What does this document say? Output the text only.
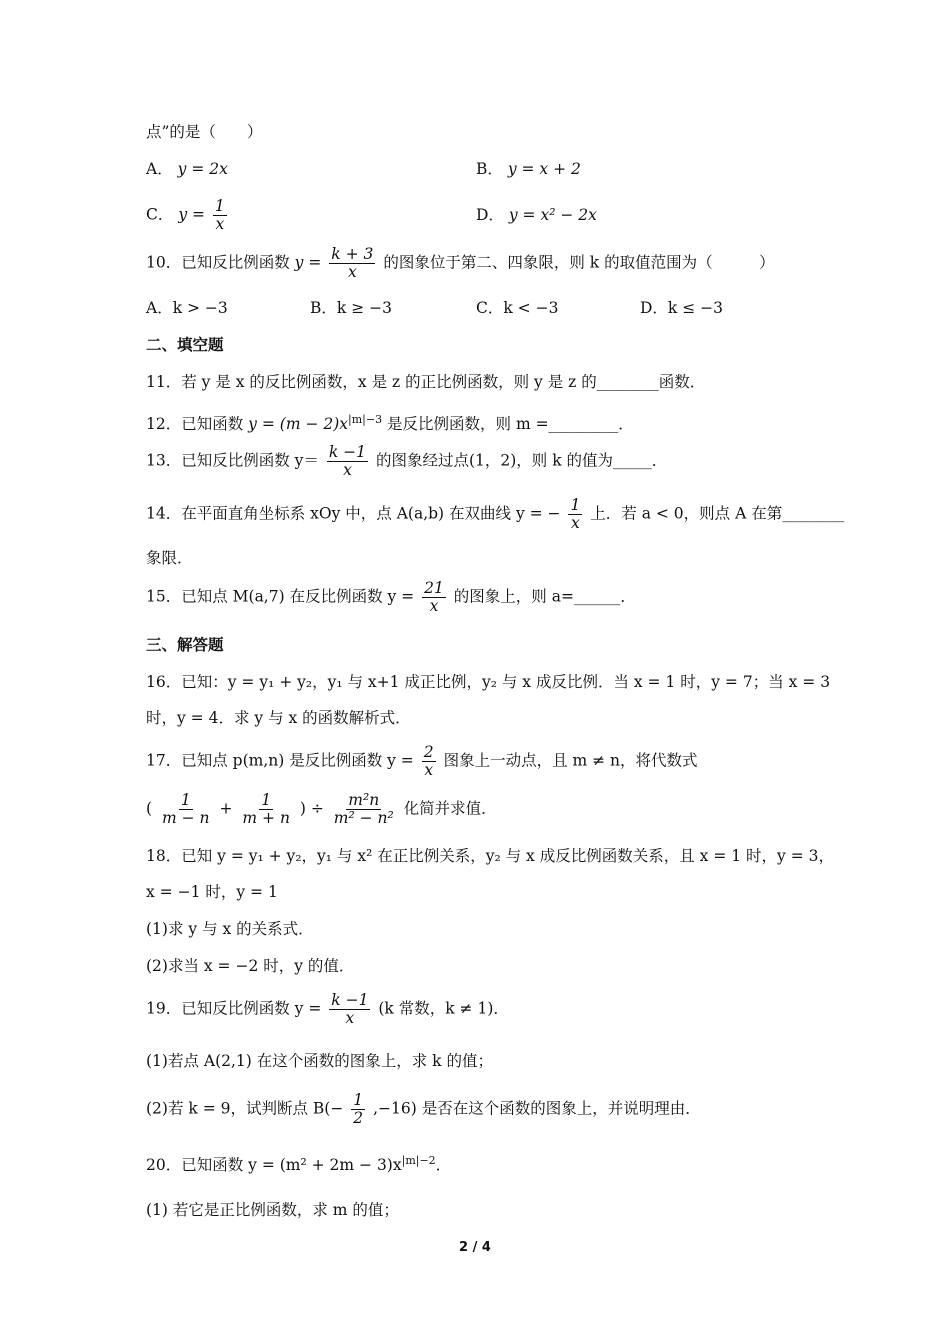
点”的是（　　）
A． y = 2x	B． y = x + 2
C． $y = \frac{1}{x}$	D． y = x² − 2x
10．已知反比例函数 $y = \frac{k + 3}{x}$ 的图象位于第二、四象限，则 k 的取值范围为（　　　）
A．k > −3	B．k ≥ −3	C．k < −3	D．k ≤ −3
二、填空题
11．若 y 是 x 的反比例函数，x 是 z 的正比例函数，则 y 是 z 的________函数．
12．已知函数 $y = (m - 2)x^{|m|-3}$ 是反比例函数，则 m =_________．
13．已知反比例函数 $y= \frac{k -1}{x}$ 的图象经过点(1，2)，则 k 的值为_____．
14．在平面直角坐标系 xOy 中，点 A(a,b) 在双曲线 y = − $\frac{1}{x}$ 上．若 a < 0，则点 A 在第________
象限．
15．已知点 M(a,7) 在反比例函数 $y = \frac{21}{x}$ 的图象上，则 a=______．
三、解答题
16．已知：y = y₁ + y₂，y₁ 与 x+1 成正比例，y₂ 与 x 成反比例．当 x = 1 时，y = 7；当 x = 3
时，y = 4．求 y 与 x 的函数解析式．
17．已知点 p(m,n) 是反比例函数 $y = \frac{2}{x}$ 图象上一动点，且 m ≠ n，将代数式
( $\frac{1}{m - n} + \frac{1}{m + n}$ ) ÷ $\frac{\text{m²n}}{\text{m² − n²}}$ 化简并求值．
18．已知 y = y₁ + y₂，y₁ 与 x² 在正比例关系，y₂ 与 x 成反比例函数关系，且 x = 1 时，y = 3，
x = −1 时，y = 1
(1)求 y 与 x 的关系式．
(2)求当 x = −2 时，y 的值．
19．已知反比例函数 $y = \frac{k -1}{x} (k$ 常数，k ≠ 1)．
(1)若点 A(2,1) 在这个函数的图象上，求 k 的值；
(2)若 k = 9，试判断点 $B(- \frac{1}{2} ,-16)$ 是否在这个函数的图象上，并说明理由．
20．已知函数 $y = (m^2 + 2m - 3)x^{|m|-2}$．
(1) 若它是正比例函数，求 m 的值；
2 / 4
